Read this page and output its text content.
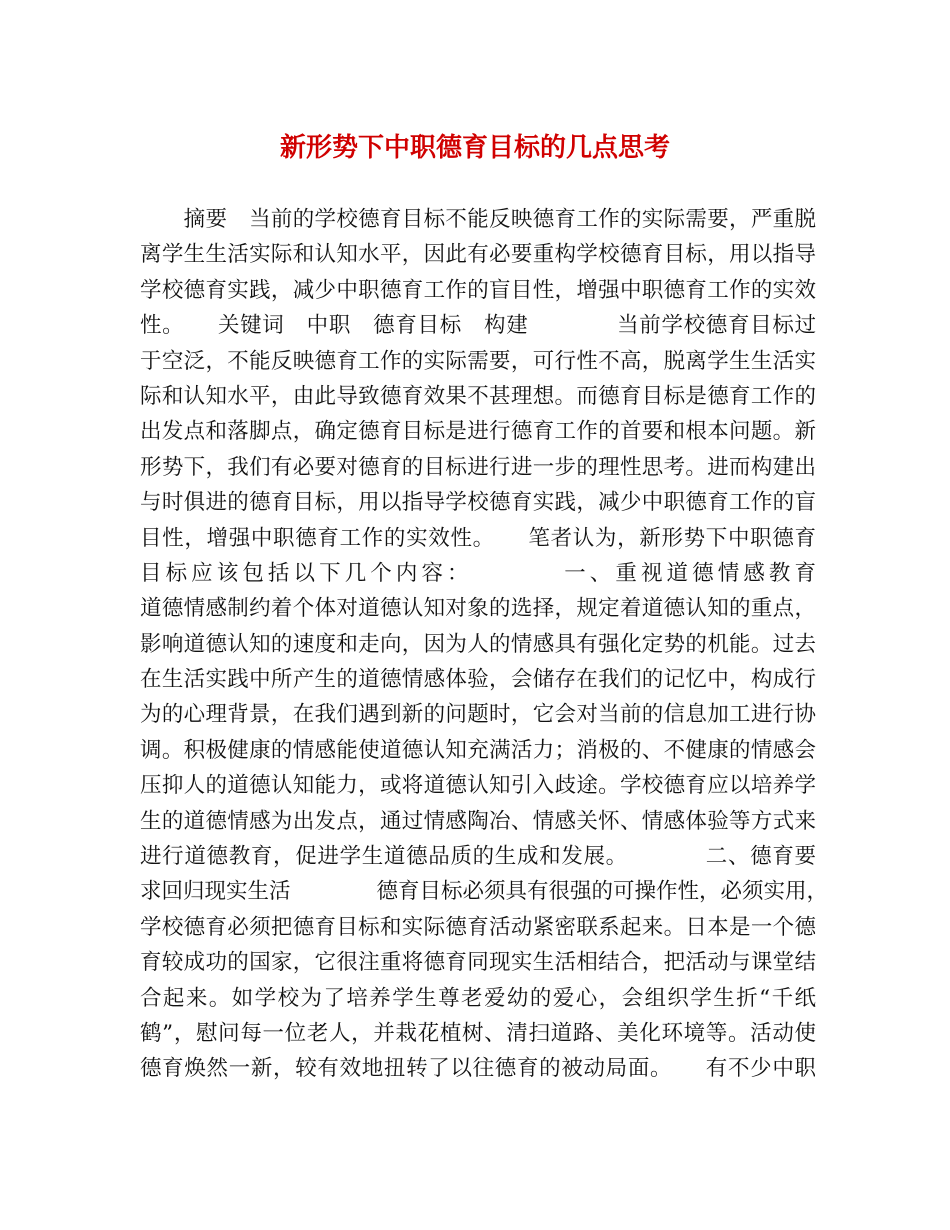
新形势下中职德育目标的几点思考
　　摘要　当前的学校德育目标不能反映德育工作的实际需要，严重脱
离学生生活实际和认知水平，因此有必要重构学校德育目标，用以指导
学校德育实践，减少中职德育工作的盲目性，增强中职德育工作的实效
性。　　关键词　中职　德育目标　构建　　　　当前学校德育目标过
于空泛，不能反映德育工作的实际需要，可行性不高，脱离学生生活实
际和认知水平，由此导致德育效果不甚理想。而德育目标是德育工作的
出发点和落脚点，确定德育目标是进行德育工作的首要和根本问题。新
形势下，我们有必要对德育的目标进行进一步的理性思考。进而构建出
与时俱进的德育目标，用以指导学校德育实践，减少中职德育工作的盲
目性，增强中职德育工作的实效性。　　笔者认为，新形势下中职德育
目标应该包括以下几个内容：　　　　一、重视道德情感教育
道德情感制约着个体对道德认知对象的选择，规定着道德认知的重点，
影响道德认知的速度和走向，因为人的情感具有强化定势的机能。过去
在生活实践中所产生的道德情感体验，会储存在我们的记忆中，构成行
为的心理背景，在我们遇到新的问题时，它会对当前的信息加工进行协
调。积极健康的情感能使道德认知充满活力；消极的、不健康的情感会
压抑人的道德认知能力，或将道德认知引入歧途。学校德育应以培养学
生的道德情感为出发点，通过情感陶冶、情感关怀、情感体验等方式来
进行道德教育，促进学生道德品质的生成和发展。　　　　二、德育要
求回归现实生活　　　　德育目标必须具有很强的可操作性，必须实用，
学校德育必须把德育目标和实际德育活动紧密联系起来。日本是一个德
育较成功的国家，它很注重将德育同现实生活相结合，把活动与课堂结
合起来。如学校为了培养学生尊老爱幼的爱心，会组织学生折“千纸
鹤”，慰问每一位老人，并栽花植树、清扫道路、美化环境等。活动使
德育焕然一新，较有效地扭转了以往德育的被动局面。　　有不少中职
